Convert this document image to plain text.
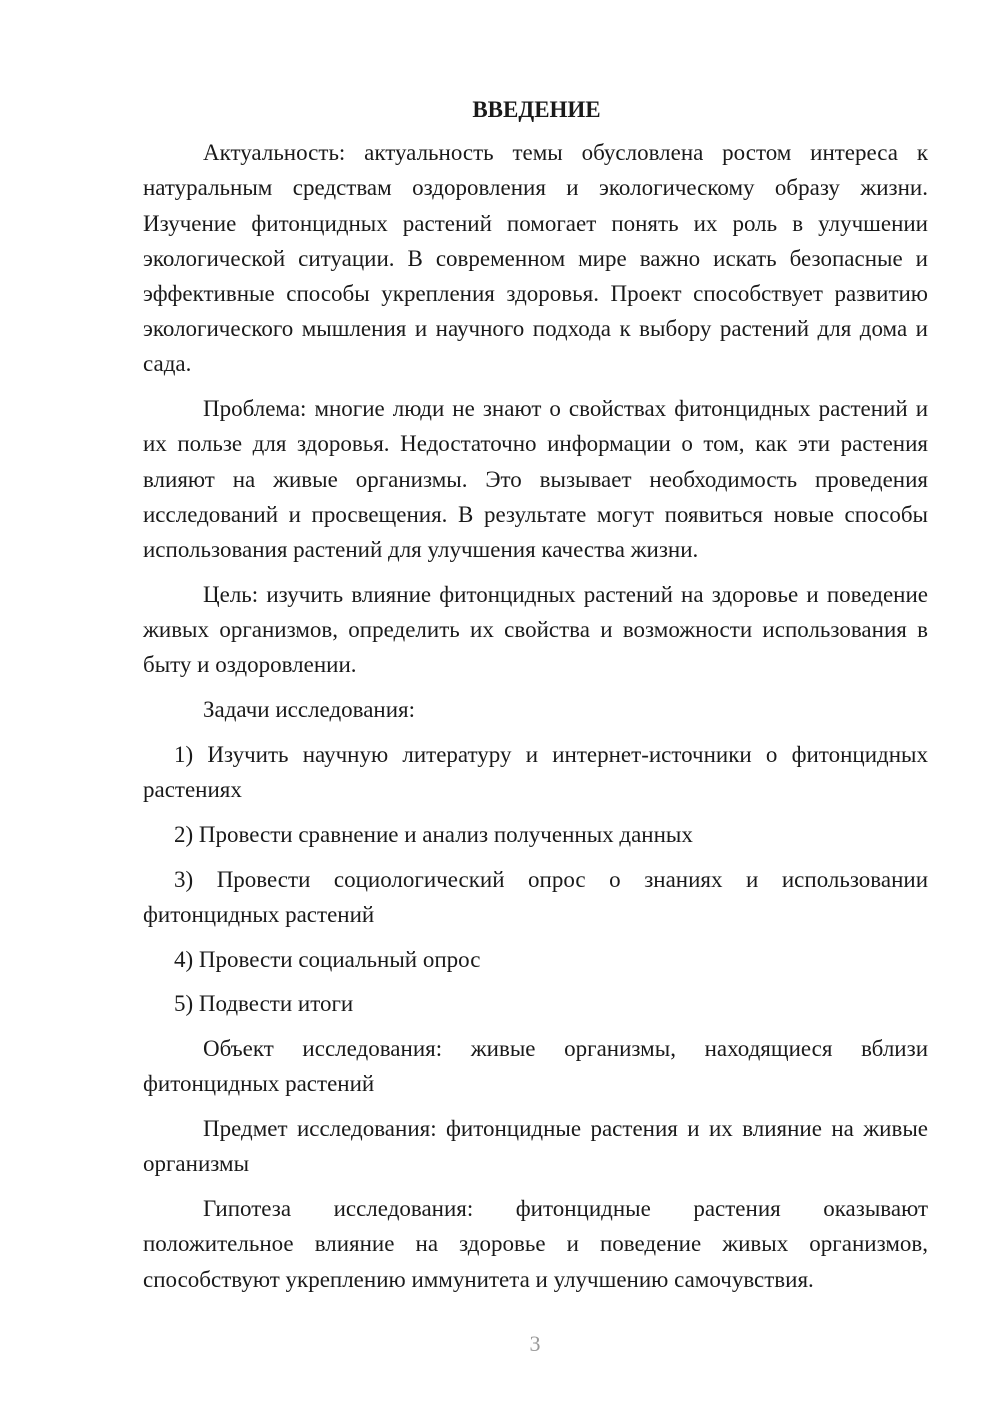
ВВЕДЕНИЕ

Актуальность: актуальность темы обусловлена ростом интереса к натуральным средствам оздоровления и экологическому образу жизни. Изучение фитонцидных растений помогает понять их роль в улучшении экологической ситуации. В современном мире важно искать безопасные и эффективные способы укрепления здоровья. Проект способствует развитию экологического мышления и научного подхода к выбору растений для дома и сада.

Проблема: многие люди не знают о свойствах фитонцидных растений и их пользе для здоровья. Недостаточно информации о том, как эти растения влияют на живые организмы. Это вызывает необходимость проведения исследований и просвещения. В результате могут появиться новые способы использования растений для улучшения качества жизни.

Цель: изучить влияние фитонцидных растений на здоровье и поведение живых организмов, определить их свойства и возможности использования в быту и оздоровлении.

Задачи исследования:

1) Изучить научную литературу и интернет-источники о фитонцидных растениях

2) Провести сравнение и анализ полученных данных

3) Провести социологический опрос о знаниях и использовании фитонцидных растений

4) Провести социальный опрос

5) Подвести итоги

Объект исследования: живые организмы, находящиеся вблизи фитонцидных растений

Предмет исследования: фитонцидные растения и их влияние на живые организмы

Гипотеза исследования: фитонцидные растения оказывают положительное влияние на здоровье и поведение живых организмов, способствуют укреплению иммунитета и улучшению самочувствия.

3
